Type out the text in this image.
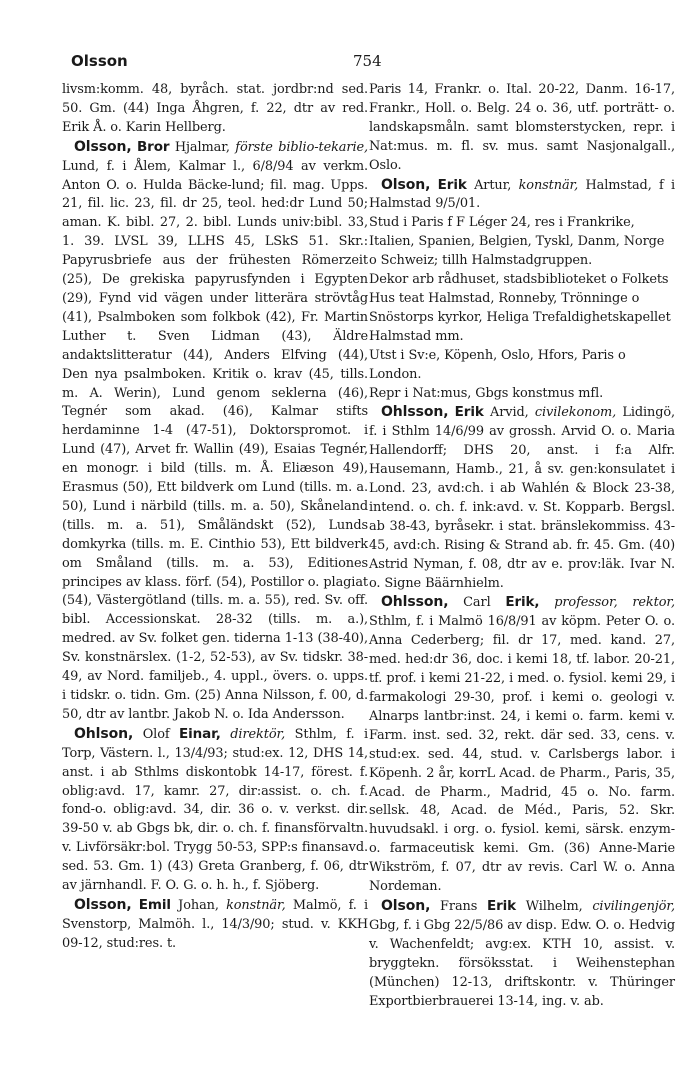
Olsson	754

livsm:komm. 48, byråch. stat. jordbr:nd sed. 50. Gm. (44) Inga Åhgren, f. 22, dtr av red. Erik Å. o. Karin Hellberg.

Olsson, Bror Hjalmar, förste biblio-tekarie, Lund, f. i Ålem, Kalmar l., 6/8/94 av verkm. Anton O. o. Hulda Bäcke-lund; fil. mag. Upps. 21, fil. lic. 23, fil. dr 25, teol. hed:dr Lund 50; aman. K. bibl. 27, 2. bibl. Lunds univ:bibl. 33, 1. 39. LVSL 39, LLHS 45, LSkS 51. Skr.: Papyrusbriefe aus der frühesten Römerzeit (25), De grekiska papyrusfynden i Egypten (29), Fynd vid vägen under litterära strövtåg (41), Psalmboken som folkbok (42), Fr. Martin Luther t. Sven Lidman (43), Äldre andaktslitteratur (44), Anders Elfving (44), Den nya psalmboken. Kritik o. krav (45, tills. m. A. Werin), Lund genom seklerna (46), Tegnér som akad. (46), Kalmar stifts herdaminne 1-4 (47-51), Doktorspromot. i Lund (47), Arvet fr. Wallin (49), Esaias Tegnér, en monogr. i bild (tills. m. Å. Eliæson 49), Erasmus (50), Ett bildverk om Lund (tills. m. a. 50), Lund i närbild (tills. m. a. 50), Skåneland (tills. m. a. 51), Småländskt (52), Lunds domkyrka (tills. m. E. Cinthio 53), Ett bildverk om Småland (tills. m. a. 53), Editiones principes av klass. förf. (54), Postillor o. plagiat (54), Västergötland (tills. m. a. 55), red. Sv. off. bibl. Accessionskat. 28-32 (tills. m. a.), medred. av Sv. folket gen. tiderna 1-13 (38-40), Sv. konstnärslex. (1-2, 52-53), av Sv. tidskr. 38-49, av Nord. familjeb., 4. uppl., övers. o. upps. i tidskr. o. tidn. Gm. (25) Anna Nilsson, f. 00, d. 50, dtr av lantbr. Jakob N. o. Ida Andersson.

Ohlson, Olof Einar, direktör, Sthlm, f. i Torp, Västern. l., 13/4/93; stud:ex. 12, DHS 14, anst. i ab Sthlms diskontobk 14-17, förest. f. oblig:avd. 17, kamr. 27, dir:assist. o. ch. f. fond-o. oblig:avd. 34, dir. 36 o. v. verkst. dir. 39-50 v. ab Gbgs bk, dir. o. ch. f. finansförvaltn. v. Livförsäkr:bol. Trygg 50-53, SPP:s finansavd. sed. 53. Gm. 1) (43) Greta Granberg, f. 06, dtr av järnhandl. F. O. G. o. h. h., f. Sjöberg.

Olsson, Emil Johan, konstnär, Malmö, f. i Svenstorp, Malmöh. l., 14/3/90; stud. v. KKH 09-12, stud:res. t.

Paris 14, Frankr. o. Ital. 20-22, Danm. 16-17, Frankr., Holl. o. Belg. 24 o. 36, utf. porträtt- o. landskapsmåln. samt blomsterstycken, repr. i Nat:mus. m. fl. sv. mus. samt Nasjonalgall., Oslo.

Olson, Erik Artur, konstnär, Halmstad, f i Halmstad 9/5/01.

Stud i Paris f F Léger 24, res i Frankrike, Italien, Spanien, Belgien, Tyskl, Danm, Norge o Schweiz; tillh Halmstadgruppen.

Dekor arb rådhuset, stadsbiblioteket o Folkets Hus teat Halmstad, Ronneby, Trönninge o Snöstorps kyrkor, Heliga Trefaldighetskapellet Halmstad mm.

Utst i Sv:e, Köpenh, Oslo, Hfors, Paris o London.

Repr i Nat:mus, Gbgs konstmus mfl.

Ohlsson, Erik Arvid, civilekonom, Lidingö, f. i Sthlm 14/6/99 av grossh. Arvid O. o. Maria Hallendorff; DHS 20, anst. i f:a Alfr. Hausemann, Hamb., 21, å sv. gen:konsulatet i Lond. 23, avd:ch. i ab Wahlén & Block 23-38, intend. o. ch. f. ink:avd. v. St. Kopparb. Bergsl. ab 38-43, byråsekr. i stat. bränslekommiss. 43-45, avd:ch. Rising & Strand ab. fr. 45. Gm. (40) Astrid Nyman, f. 08, dtr av e. prov:läk. Ivar N. o. Signe Bäärnhielm.

Ohlsson, Carl Erik, professor, rektor, Sthlm, f. i Malmö 16/8/91 av köpm. Peter O. o. Anna Cederberg; fil. dr 17, med. kand. 27, med. hed:dr 36, doc. i kemi 18, tf. labor. 20-21, tf. prof. i kemi 21-22, i med. o. fysiol. kemi 29, i farmakologi 29-30, prof. i kemi o. geologi v. Alnarps lantbr:inst. 24, i kemi o. farm. kemi v. Farm. inst. sed. 32, rekt. där sed. 33, cens. v. stud:ex. sed. 44, stud. v. Carlsbergs labor. i Köpenh. 2 år, korrL Acad. de Pharm., Paris, 35, Acad. de Pharm., Madrid, 45 o. No. farm. sellsk. 48, Acad. de Méd., Paris, 52. Skr. huvudsakl. i org. o. fysiol. kemi, särsk. enzym- o. farmaceutisk kemi. Gm. (36) Anne-Marie Wikström, f. 07, dtr av revis. Carl W. o. Anna Nordeman.

Olson, Frans Erik Wilhelm, civilingenjör, Gbg, f. i Gbg 22/5/86 av disp. Edw. O. o. Hedvig v. Wachenfeldt; avg:ex. KTH 10, assist. v. bryggtekn. försöksstat. i Weihenstephan (München) 12-13, driftskontr. v. Thüringer Exportbierbrauerei 13-14, ing. v. ab.
